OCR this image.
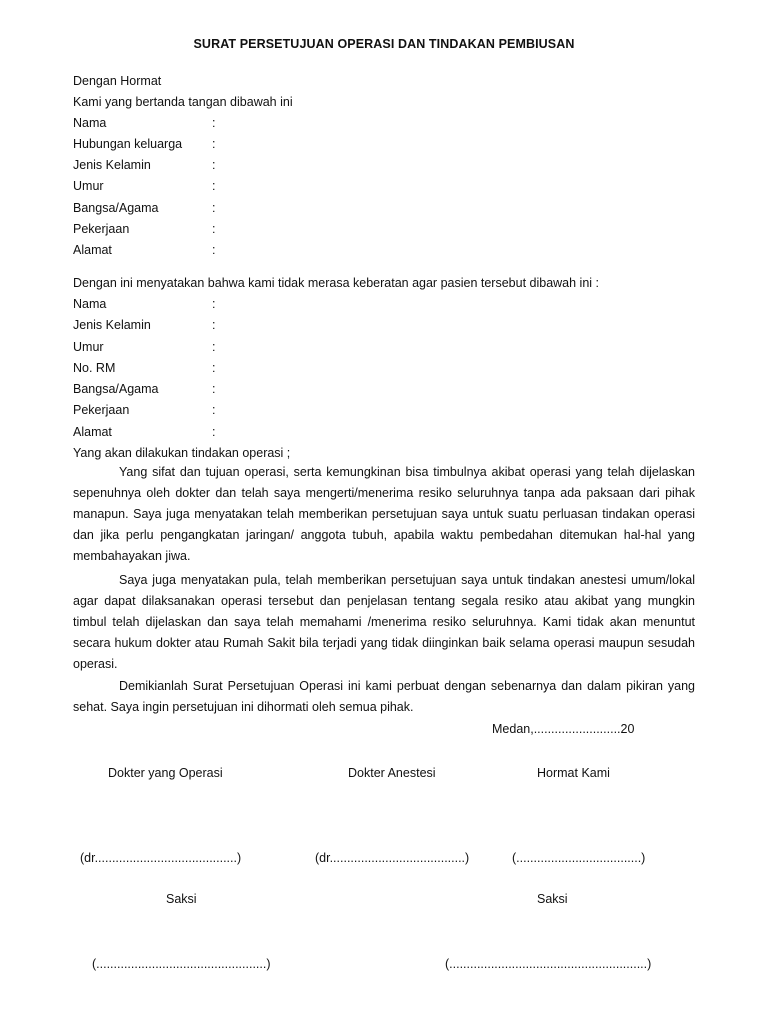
SURAT PERSETUJUAN OPERASI DAN TINDAKAN PEMBIUSAN
Dengan Hormat
Kami yang bertanda tangan dibawah ini
Nama	:
Hubungan keluarga :
Jenis Kelamin	:
Umur	:
Bangsa/Agama	:
Pekerjaan	:
Alamat	:
Dengan ini menyatakan bahwa kami tidak merasa keberatan agar pasien tersebut dibawah ini :
Nama	:
Jenis Kelamin	:
Umur	:
No. RM	:
Bangsa/Agama	:
Pekerjaan	:
Alamat	:
Yang akan dilakukan tindakan operasi ;
Yang sifat dan tujuan operasi, serta kemungkinan bisa timbulnya akibat operasi yang telah dijelaskan sepenuhnya oleh dokter dan telah saya mengerti/menerima resiko seluruhnya tanpa ada paksaan dari pihak manapun. Saya juga menyatakan telah memberikan persetujuan saya untuk suatu perluasan tindakan operasi dan jika perlu pengangkatan jaringan/ anggota tubuh, apabila waktu pembedahan ditemukan hal-hal yang membahayakan jiwa.
Saya juga menyatakan pula, telah memberikan persetujuan saya untuk tindakan anestesi umum/lokal agar dapat dilaksanakan operasi tersebut dan penjelasan tentang segala resiko atau akibat yang mungkin timbul telah dijelaskan dan saya telah memahami /menerima resiko seluruhnya. Kami tidak akan menuntut secara hukum dokter atau Rumah Sakit bila terjadi yang tidak diinginkan baik selama operasi maupun sesudah operasi.
Demikianlah Surat Persetujuan Operasi ini kami perbuat dengan sebenarnya dan dalam pikiran yang sehat. Saya ingin persetujuan ini dihormati oleh semua pihak.
Medan,.........................20
Dokter yang Operasi	Dokter Anestesi	Hormat Kami
(dr.........................................)	(dr.......................................)	(....................................)
Saksi	Saksi
(.................................................)	(.........................................................)
